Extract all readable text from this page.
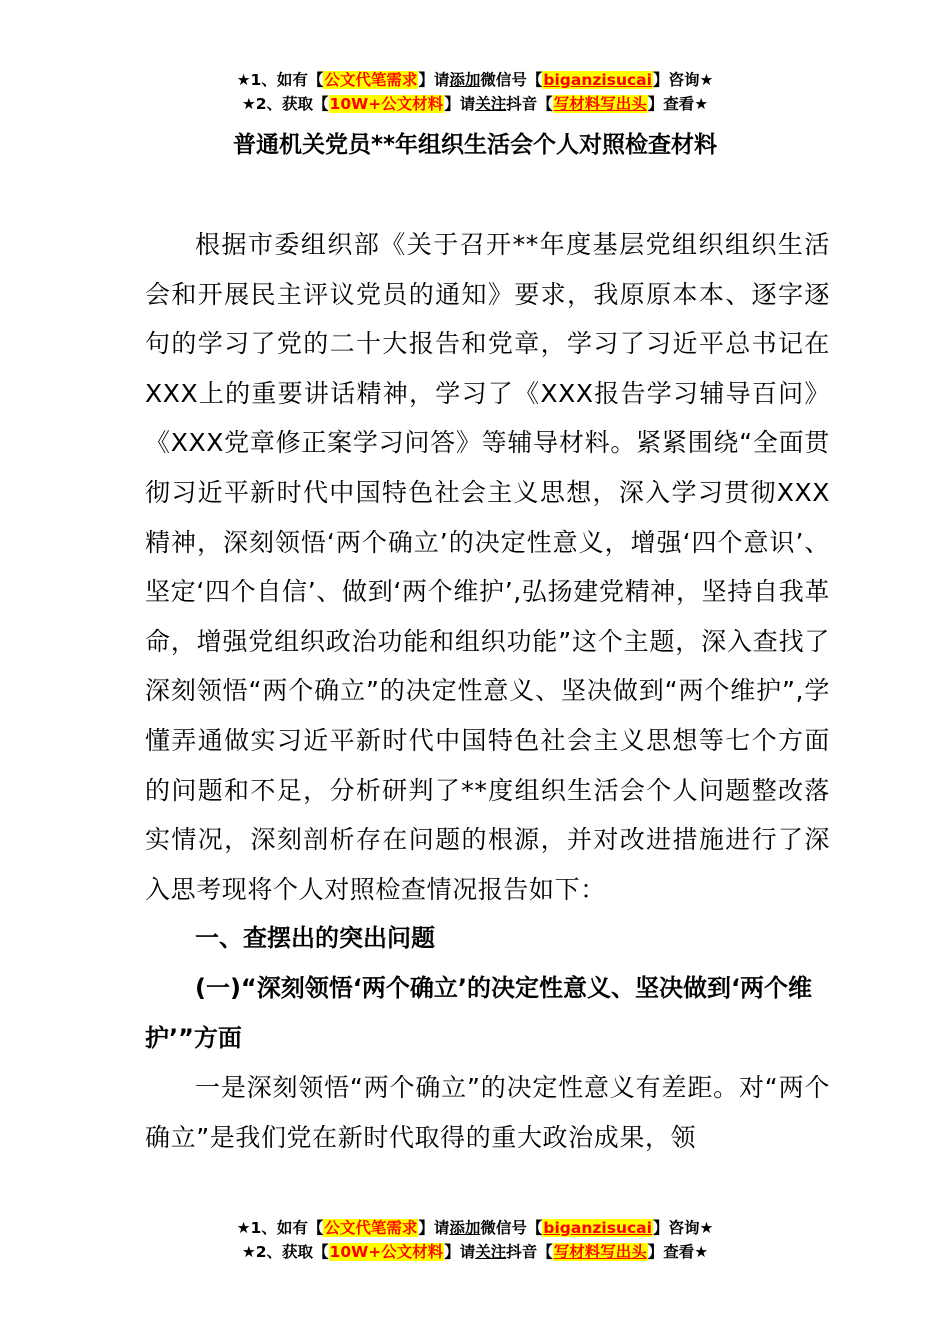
★1、如有【公文代笔需求】请添加微信号【biganzisucai】咨询★
★2、获取【10W+公文材料】请关注抖音【写材料写出头】查看★
普通机关党员**年组织生活会个人对照检查材料

根据市委组织部《关于召开**年度基层党组织组织生活会和开展民主评议党员的通知》要求，我原原本本、逐字逐句的学习了党的二十大报告和党章，学习了习近平总书记在XXX上的重要讲话精神，学习了《XXX报告学习辅导百问》《XXX党章修正案学习问答》等辅导材料。紧紧围绕“全面贯彻习近平新时代中国特色社会主义思想，深入学习贯彻XXX精神，深刻领悟‘两个确立’的决定性意义，增强‘四个意识’、坚定‘四个自信’、做到‘两个维护’,弘扬建党精神，坚持自我革命，增强党组织政治功能和组织功能”这个主题，深入查找了深刻领悟“两个确立”的决定性意义、坚决做到“两个维护”,学懂弄通做实习近平新时代中国特色社会主义思想等七个方面的问题和不足，分析研判了**度组织生活会个人问题整改落实情况，深刻剖析存在问题的根源，并对改进措施进行了深入思考现将个人对照检查情况报告如下：

一、查摆出的突出问题

(一)“深刻领悟‘两个确立’的决定性意义、坚决做到‘两个维护’”方面

一是深刻领悟“两个确立”的决定性意义有差距。对“两个确立”是我们党在新时代取得的重大政治成果，领

★1、如有【公文代笔需求】请添加微信号【biganzisucai】咨询★
★2、获取【10W+公文材料】请关注抖音【写材料写出头】查看★
